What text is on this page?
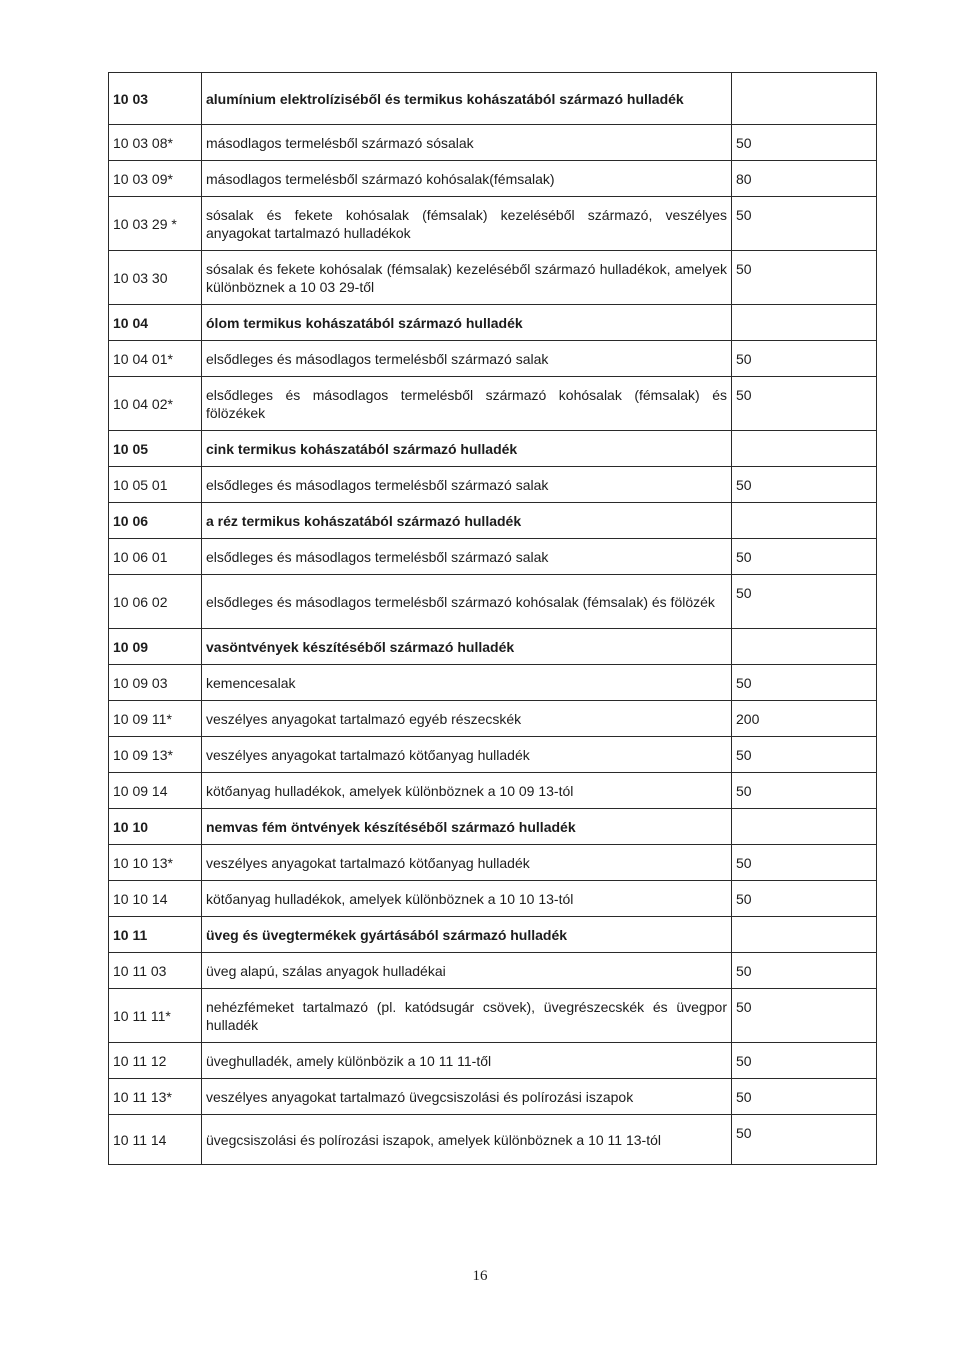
10 03	alumínium elektrolíziséből és termikus kohászatából származó hulladék	
10 03 08*	másodlagos termelésből származó sósalak	50
10 03 09*	másodlagos termelésből származó kohósalak(fémsalak)	80
10 03 29 *	sósalak és fekete kohósalak (fémsalak) kezeléséből származó, veszélyes anyagokat tartalmazó hulladékok	50
10 03 30	sósalak és fekete kohósalak (fémsalak) kezeléséből származó hulladékok, amelyek különböznek a 10 03 29-től	50
10 04	ólom termikus kohászatából származó hulladék	
10 04 01*	elsődleges és másodlagos termelésből származó salak	50
10 04 02*	elsődleges és másodlagos termelésből származó kohósalak (fémsalak) és fölözékek	50
10 05	cink termikus kohászatából származó hulladék	
10 05 01	elsődleges és másodlagos termelésből származó salak	50
10 06	a réz termikus kohászatából származó hulladék	
10 06 01	elsődleges és másodlagos termelésből származó salak	50
10 06 02	elsődleges és másodlagos termelésből származó kohósalak (fémsalak) és fölözék	50
10 09	vasöntvények készítéséből származó hulladék	
10 09 03	kemencesalak	50
10 09 11*	veszélyes anyagokat tartalmazó egyéb részecskék	200
10 09 13*	veszélyes anyagokat tartalmazó kötőanyag hulladék	50
10 09 14	kötőanyag hulladékok, amelyek különböznek a 10 09 13-tól	50
10 10	nemvas fém öntvények készítéséből származó hulladék	
10 10 13*	veszélyes anyagokat tartalmazó kötőanyag hulladék	50
10 10 14	kötőanyag hulladékok, amelyek különböznek a 10 10 13-tól	50
10 11	üveg és üvegtermékek gyártásából származó hulladék	
10 11 03	üveg alapú, szálas anyagok hulladékai	50
10 11 11*	nehézfémeket tartalmazó (pl. katódsugár csövek), üvegrészecskék és üvegpor hulladék	50
10 11 12	üveghulladék, amely különbözik a 10 11 11-től	50
10 11 13*	veszélyes anyagokat tartalmazó üvegcsiszolási és polírozási iszapok	50
10 11 14	üvegcsiszolási és polírozási iszapok, amelyek különböznek a 10 11 13-tól	50
16
